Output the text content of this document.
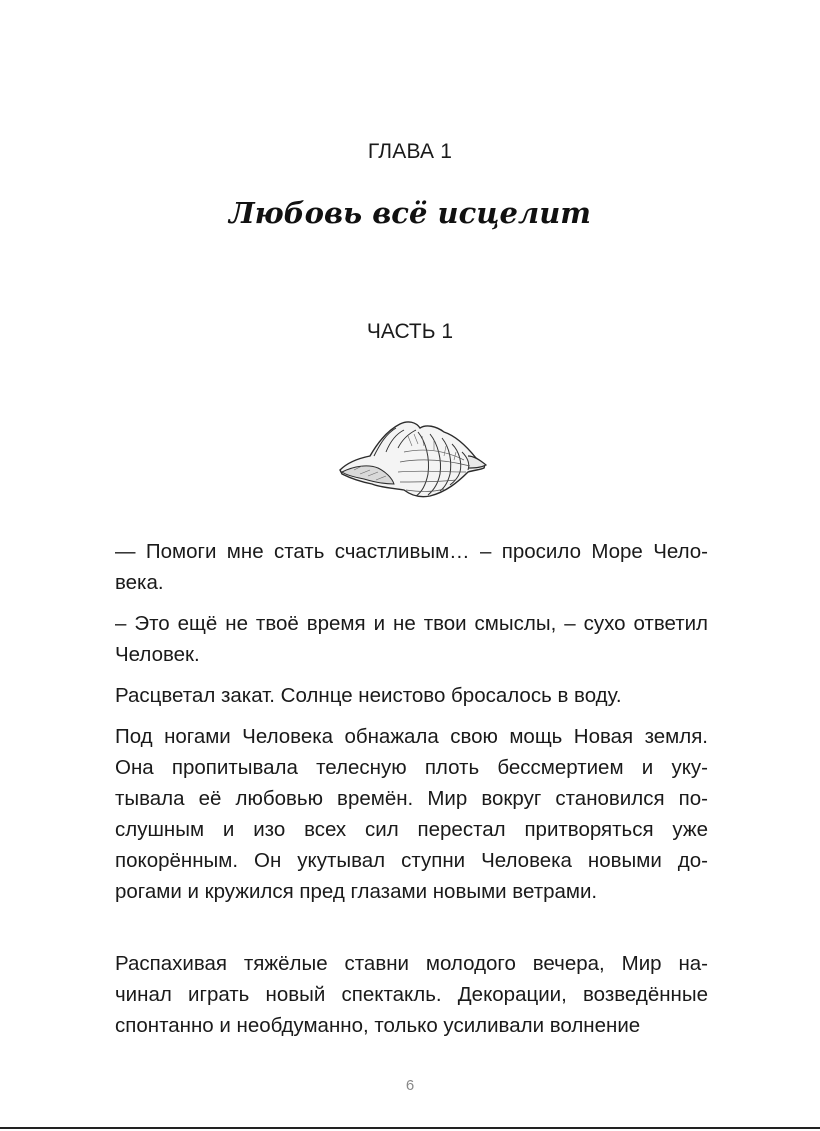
ГЛАВА 1
Любовь всё исцелит
ЧАСТЬ 1

— Помоги мне стать счастливым… – просило Море Чело-
века.

– Это ещё не твоё время и не твои смыслы, – сухо ответил
Человек.

Расцветал закат. Солнце неистово бросалось в воду.

Под ногами Человека обнажала свою мощь Новая земля.
Она пропитывала телесную плоть бессмертием и уку-
тывала её любовью времён. Мир вокруг становился по-
слушным и изо всех сил перестал притворяться уже
покорённым. Он укутывал ступни Человека новыми до-
рогами и кружился пред глазами новыми ветрами.

Распахивая тяжёлые ставни молодого вечера, Мир на-
чинал играть новый спектакль. Декорации, возведённые
спонтанно и необдуманно, только усиливали волнение

6
